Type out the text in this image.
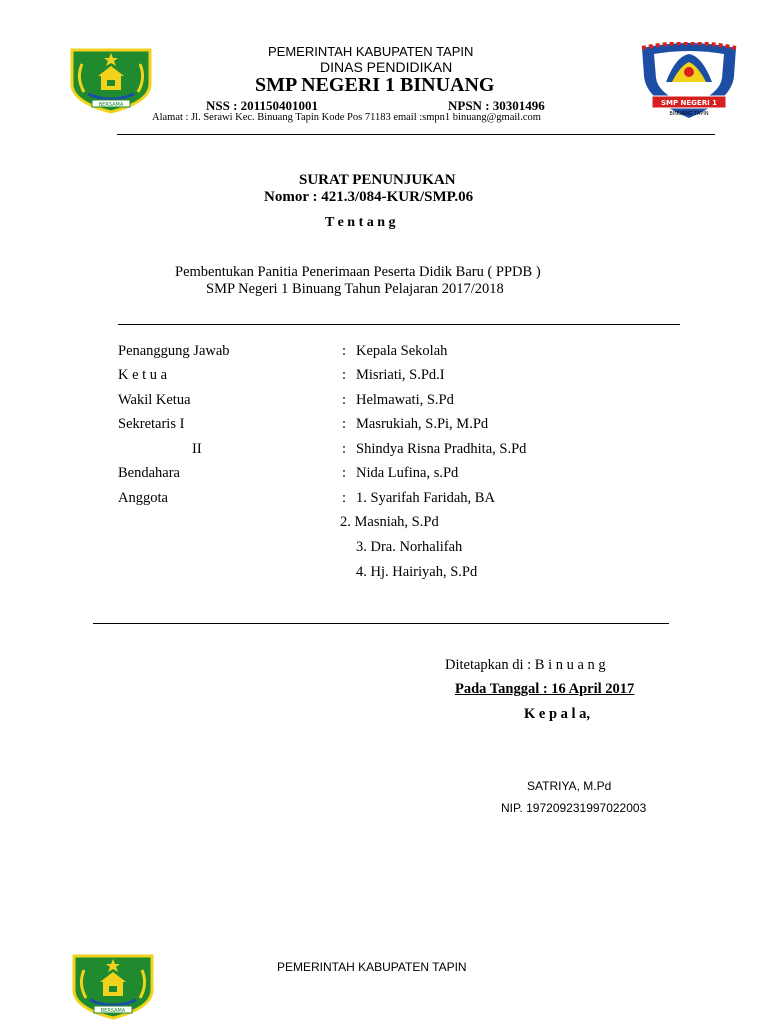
BERSAMA	SMP NEGERI 1
BINUANG TAPIN
PEMERINTAH KABUPATEN TAPIN
DINAS PENDIDIKAN
SMP NEGERI 1 BINUANG
NSS : 201150401001	NPSN : 30301496
Alamat : Jl. Serawi Kec. Binuang Tapin Kode Pos 71183 email :smpn1 binuang@gmail.com
SURAT PENUNJUKAN
Nomor : 421.3/084-KUR/SMP.06
T e n t a n g
Pembentukan Panitia Penerimaan Peserta Didik Baru ( PPDB )
SMP Negeri 1 Binuang Tahun Pelajaran 2017/2018
Penanggung Jawab	: Kepala Sekolah
K e t u a	: Misriati, S.Pd.I
Wakil Ketua	: Helmawati, S.Pd
Sekretaris I	: Masrukiah, S.Pi, M.Pd
II	: Shindya Risna Pradhita, S.Pd
Bendahara	: Nida Lufina, s.Pd
Anggota	: 1. Syarifah Faridah, BA
2. Masniah, S.Pd
3. Dra. Norhalifah
4. Hj. Hairiyah, S.Pd
Ditetapkan di : B i n u a n g
Pada Tanggal : 16 April 2017
K e p a l a,
SATRIYA, M.Pd
NIP. 197209231997022003
BERSAMA
PEMERINTAH KABUPATEN TAPIN
